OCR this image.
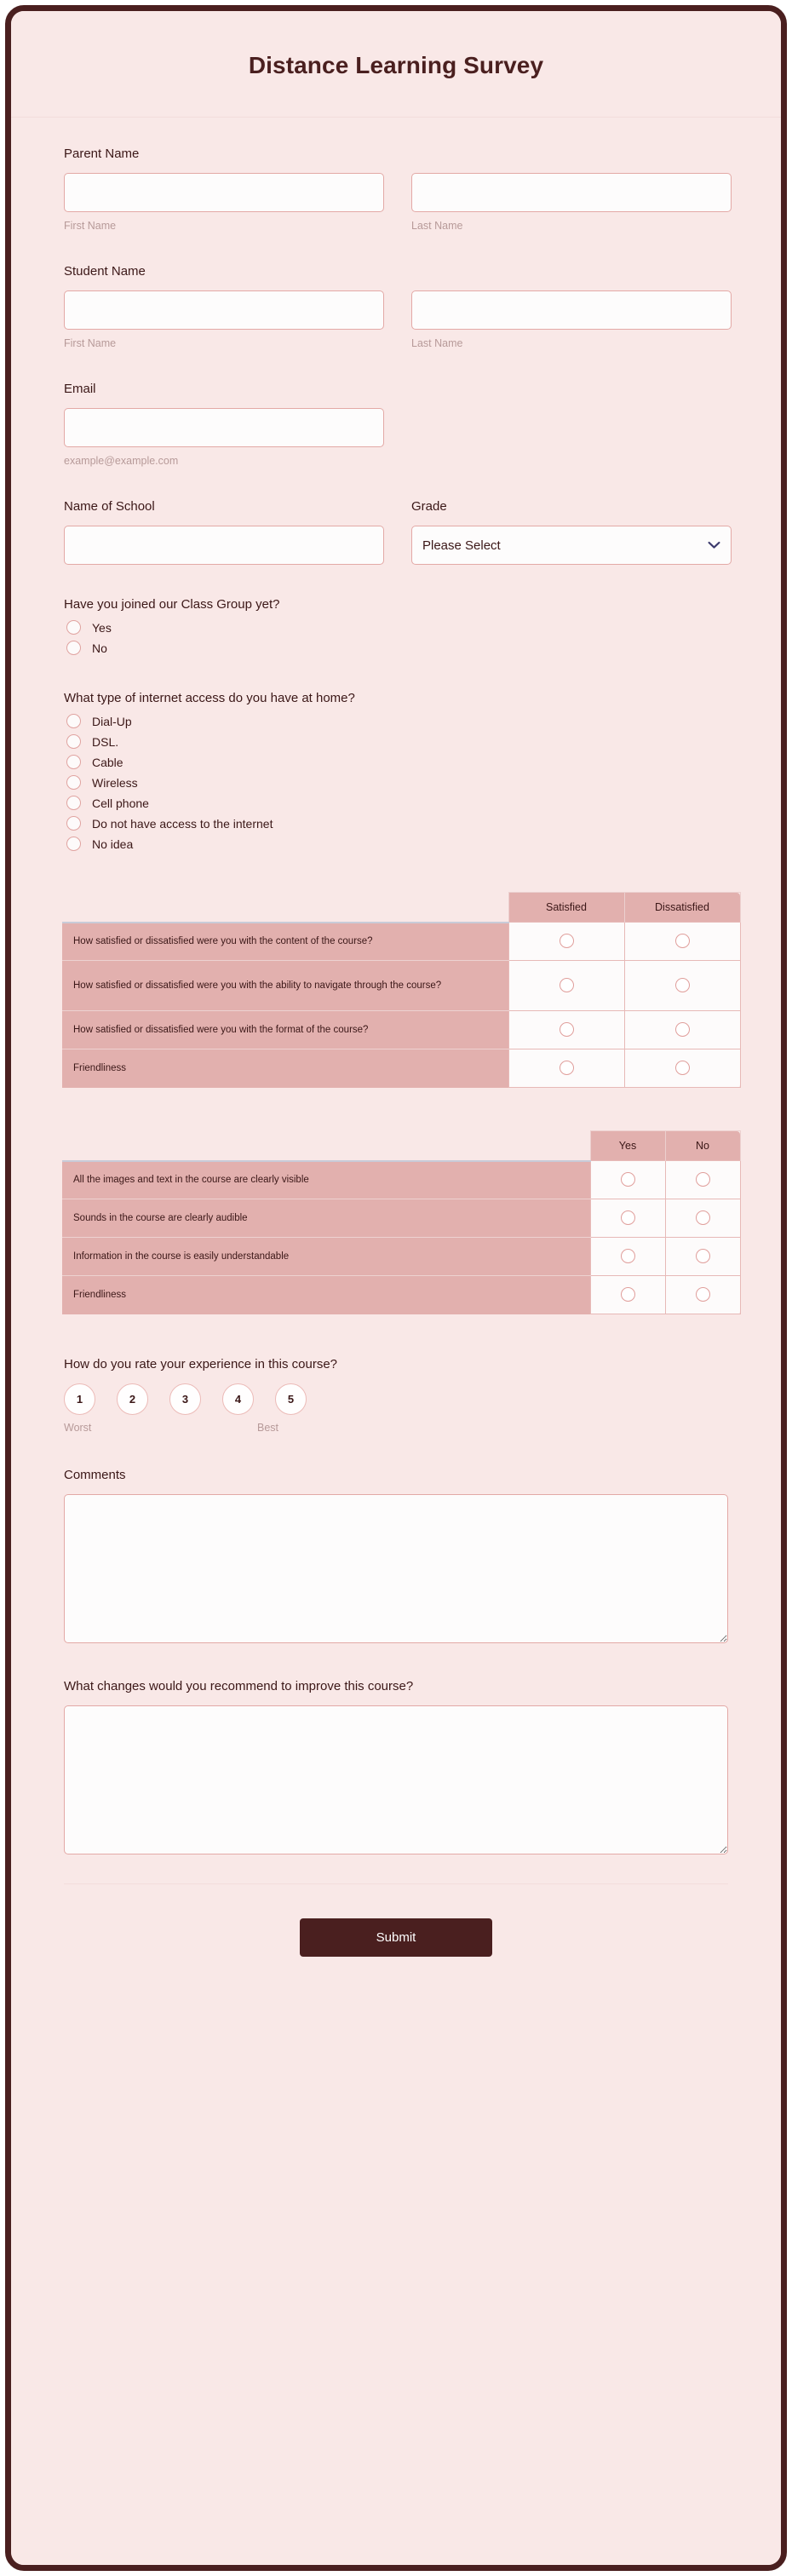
Distance Learning Survey
Parent Name
First Name	Last Name
Student Name
First Name	Last Name
Email
example@example.com
Name of School	Grade
Please Select
Have you joined our Class Group yet?
Yes
No
What type of internet access do you have at home?
Dial-Up
DSL.
Cable
Wireless
Cell phone
Do not have access to the internet
No idea
	Satisfied	Dissatisfied
How satisfied or dissatisfied were you with the content of the course?		
How satisfied or dissatisfied were you with the ability to navigate through the course?		
How satisfied or dissatisfied were you with the format of the course?		
Friendliness		
	Yes	No
All the images and text in the course are clearly visible		
Sounds in the course are clearly audible		
Information in the course is easily understandable		
Friendliness		
How do you rate your experience in this course?
1	2	3	4	5
Worst	Best
Comments
What changes would you recommend to improve this course?
Submit
